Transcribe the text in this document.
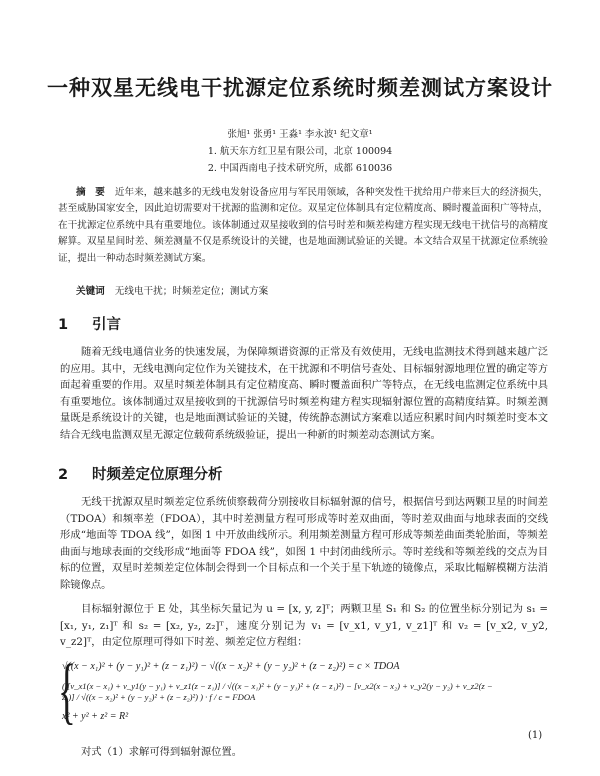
一种双星无线电干扰源定位系统时频差测试方案设计
张旭¹ 张勇¹ 王淼¹ 李永波¹ 纪文章¹
1. 航天东方红卫星有限公司，北京 100094
2. 中国西南电子技术研究所，成都 610036
摘　要 近年来，越来越多的无线电发射设备应用与军民用领域，各种突发性干扰给用户带来巨大的经济损失，甚至威胁国家安全，因此迫切需要对干扰源的监测和定位。双星定位体制具有定位精度高、瞬时覆盖面积广等特点，在干扰源定位系统中具有重要地位。该体制通过双星接收到的信号时差和频差构建方程实现无线电干扰信号的高精度解算。双星星间时差、频差测量不仅是系统设计的关键，也是地面测试验证的关键。本文结合双星干扰源定位系统验证，提出一种动态时频差测试方案。
关键词 无线电干扰；时频差定位；测试方案
1 引言
随着无线电通信业务的快速发展，为保障频谱资源的正常及有效使用，无线电监测技术得到越来越广泛的应用。其中，无线电测向定位作为关键技术，在干扰源和不明信号查处、目标辐射源地理位置的确定等方面起着重要的作用。双星时频差体制具有定位精度高、瞬时覆盖面积广等特点，在无线电监测定位系统中具有重要地位。该体制通过双星接收到的干扰源信号时频差构建方程实现辐射源位置的高精度结算。时频差测量既是系统设计的关键，也是地面测试验证的关键，传统静态测试方案难以适应积累时间内时频差时变本文结合无线电监测双星无源定位载荷系统级验证，提出一种新的时频差动态测试方案。
2 时频差定位原理分析
无线干扰源双星时频差定位系统侦察载荷分别接收目标辐射源的信号，根据信号到达两颗卫星的时间差（TDOA）和频率差（FDOA），其中时差测量方程可形成等时差双曲面，等时差双曲面与地球表面的交线形成“地面等 TDOA 线”，如图 1 中开放曲线所示。利用频差测量方程可形成等频差曲面类轮胎面，等频差曲面与地球表面的交线形成“地面等 FDOA 线”，如图 1 中封闭曲线所示。等时差线和等频差线的交点为目标的位置，双星时差频差定位体制会得到一个目标点和一个关于星下轨迹的镜像点，采取比幅解模糊方法消除镜像点。
目标辐射源位于 E 处，其坐标矢量记为 u = [x, y, z]ᵀ；两颗卫星 S₁ 和 S₂ 的位置坐标分别记为 s₁ = [x₁, y₁, z₁]ᵀ 和 s₂ = [x₂, y₂, z₂]ᵀ，速度分别记为 v₁ = [v_x1, v_y1, v_z1]ᵀ 和 v₂ = [v_x2, v_y2, v_z2]ᵀ，由定位原理可得如下时差、频差定位方程组：
{
√((x − x₁)² + (y − y₁)² + (z − z₁)²) − √((x − x₂)² + (y − y₂)² + (z − z₂)²) = c × TDOA
( [v_x1(x − x₁) + v_y1(y − y₁) + v_z1(z − z₁)] / √((x − x₁)² + (y − y₁)² + (z − z₁)²) − [v_x2(x − x₂) + v_y2(y − y₂) + v_z2(z − z₂)] / √((x − x₂)² + (y − y₂)² + (z − z₂)²) ) · f / c = FDOA
x² + y² + z² = R²
(1)
对式（1）求解可得到辐射源位置。
